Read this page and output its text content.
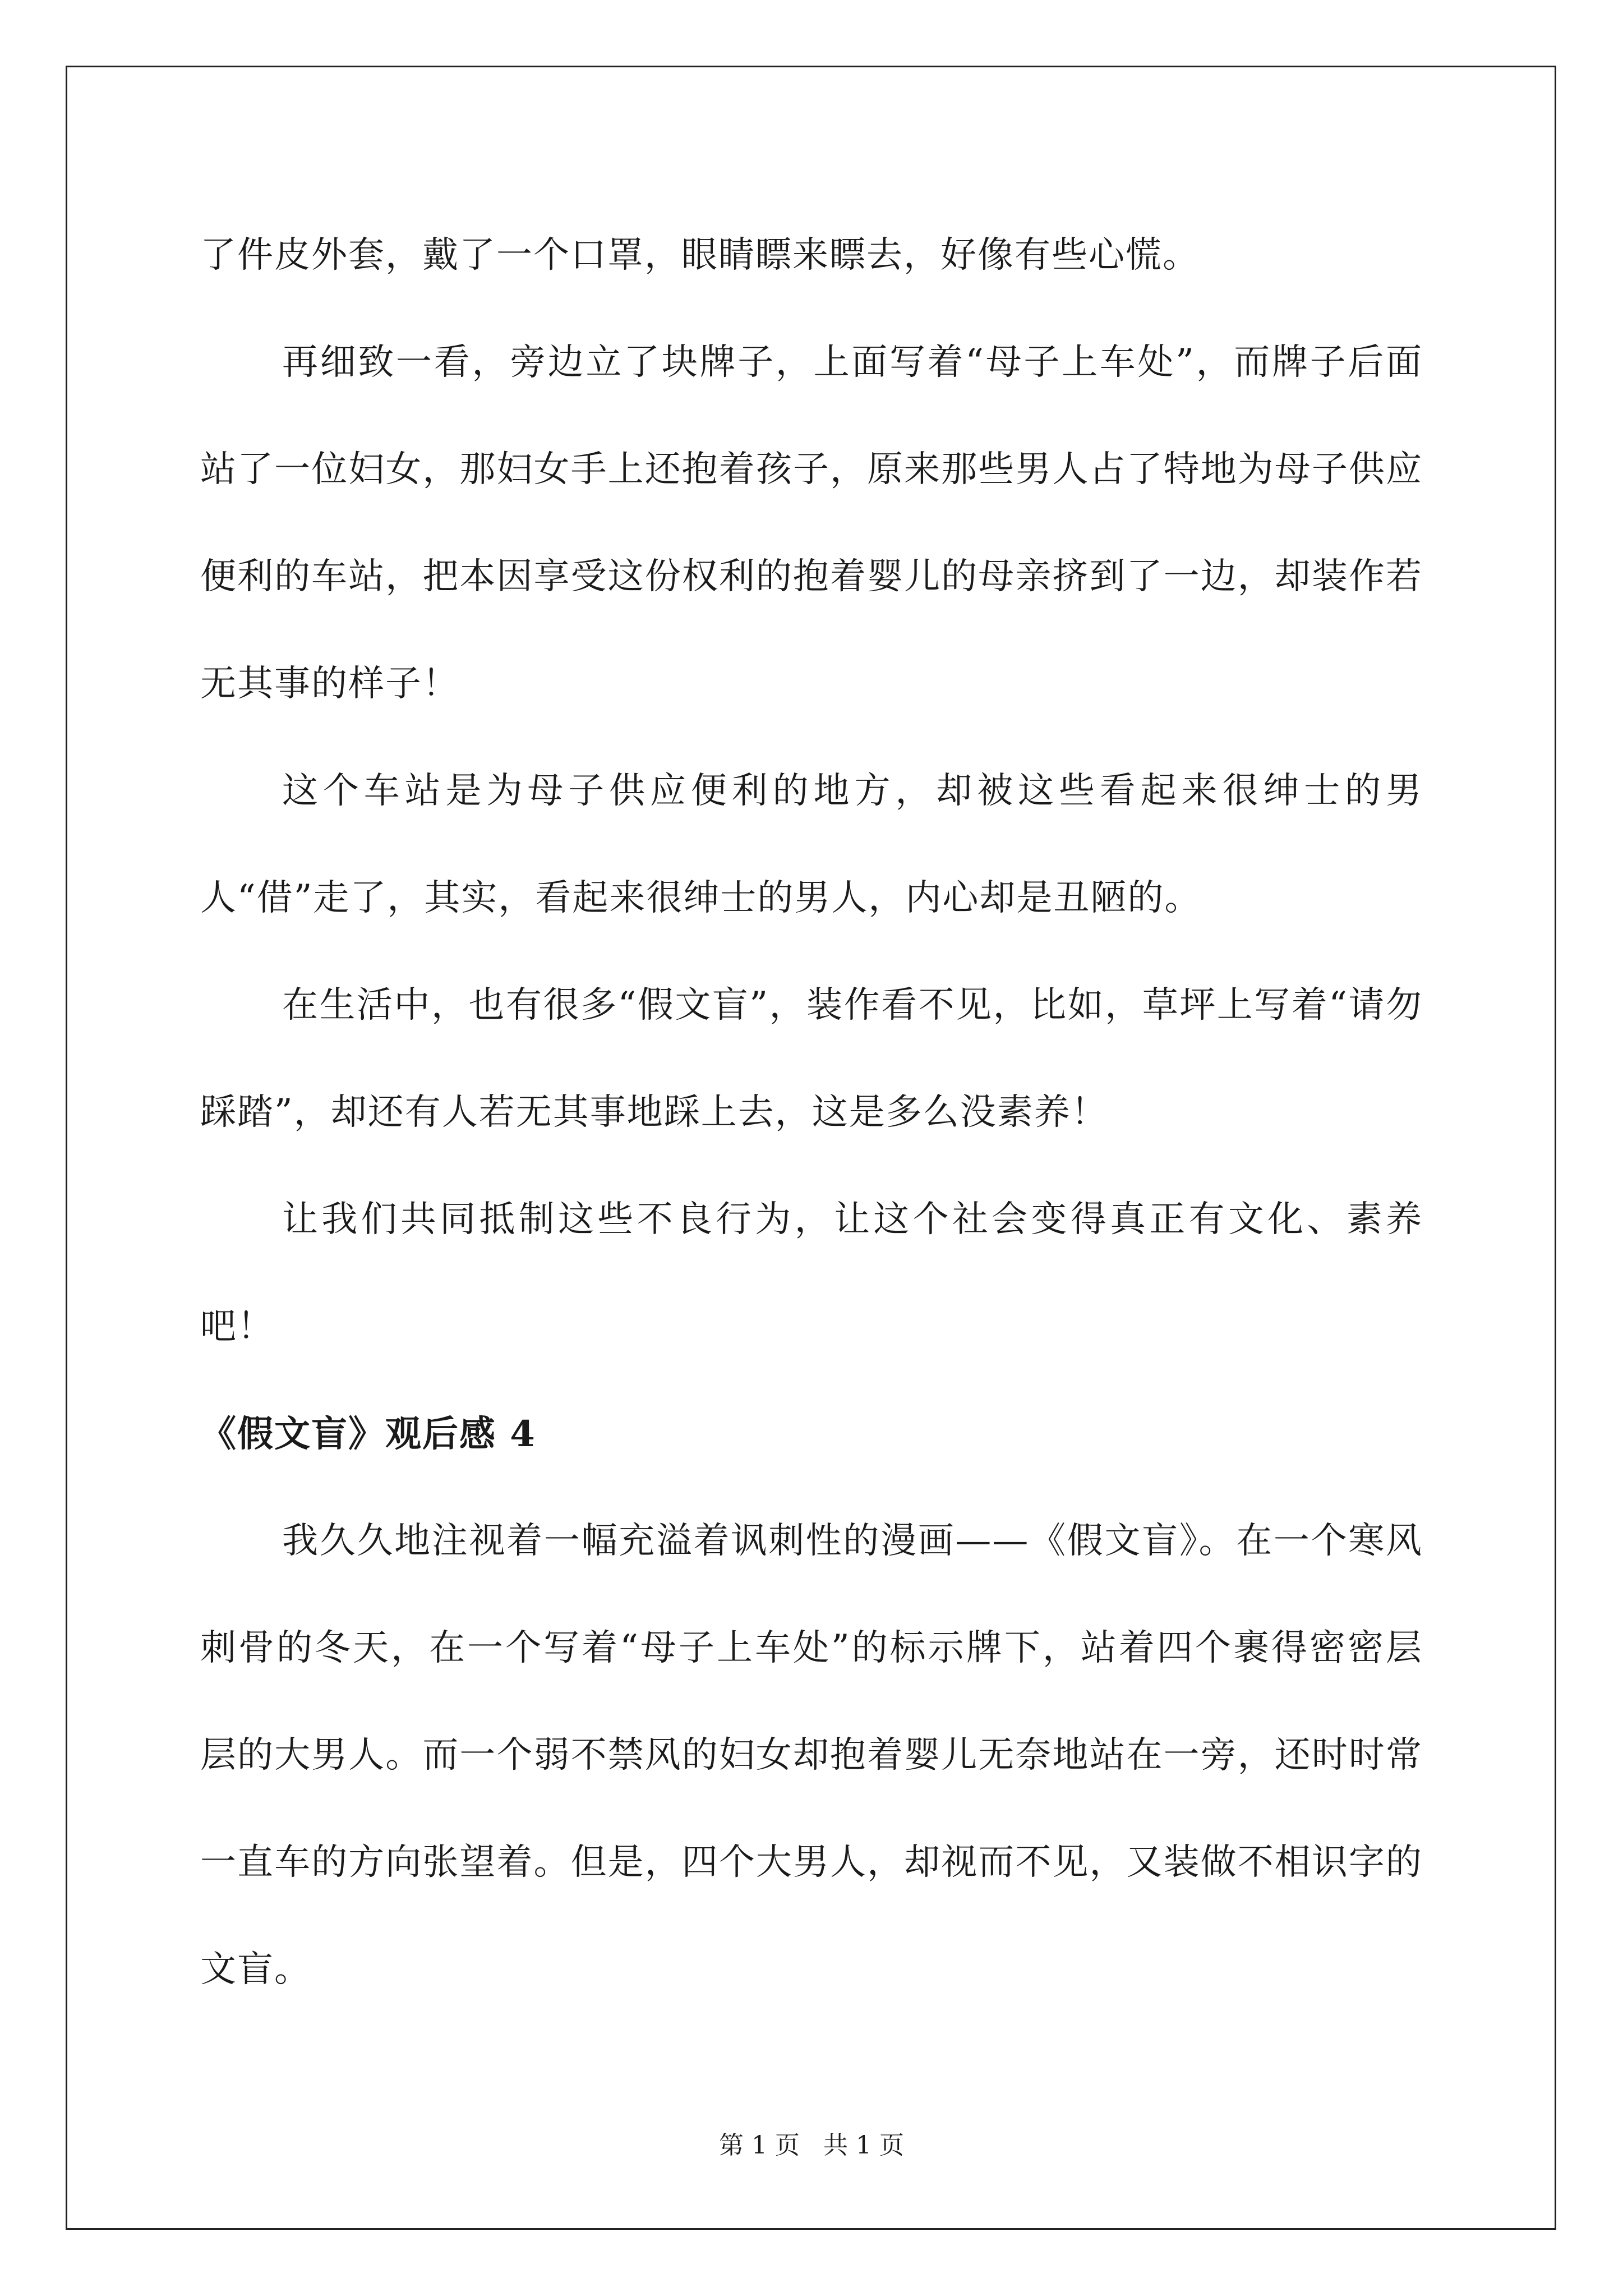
了件皮外套，戴了一个口罩，眼睛瞟来瞟去，好像有些心慌。

再细致一看，旁边立了块牌子，上面写着“母子上车处”，而牌子后面站了一位妇女，那妇女手上还抱着孩子，原来那些男人占了特地为母子供应便利的车站，把本因享受这份权利的抱着婴儿的母亲挤到了一边，却装作若无其事的样子！

这个车站是为母子供应便利的地方，却被这些看起来很绅士的男人“借”走了，其实，看起来很绅士的男人，内心却是丑陋的。

在生活中，也有很多“假文盲”，装作看不见，比如，草坪上写着“请勿踩踏”，却还有人若无其事地踩上去，这是多么没素养！

让我们共同抵制这些不良行为，让这个社会变得真正有文化、素养吧！

《假文盲》观后感 4

我久久地注视着一幅充溢着讽刺性的漫画——《假文盲》。在一个寒风刺骨的冬天，在一个写着“母子上车处”的标示牌下，站着四个裹得密密层层的大男人。而一个弱不禁风的妇女却抱着婴儿无奈地站在一旁，还时时常一直车的方向张望着。但是，四个大男人，却视而不见，又装做不相识字的文盲。

第 1 页 共 1 页
